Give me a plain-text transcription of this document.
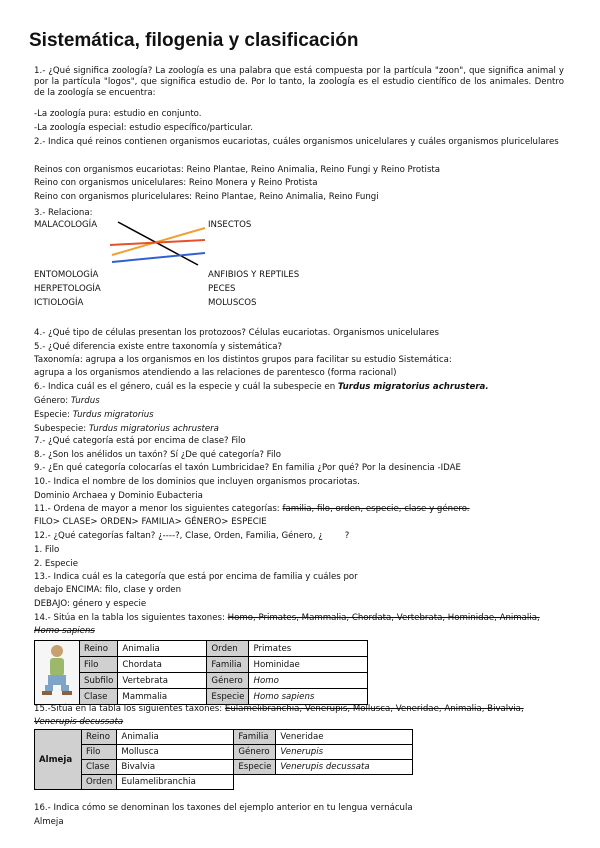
Sistemática, filogenia y clasificación
1.- ¿Qué significa zoología? La zoología es una palabra que está compuesta por la partícula "zoon", que significa animal y por la partícula "logos", que significa estudio de. Por lo tanto, la zoología es el estudio científico de los animales. Dentro de la zoología se encuentra:
-La zoología pura: estudio en conjunto.
-La zoología especial: estudio específico/particular.
2.- Indica qué reinos contienen organismos eucariotas, cuáles organismos unicelulares y cuáles organismos pluricelulares
Reinos con organismos eucariotas: Reino Plantae, Reino Animalia, Reino Fungi y Reino Protista
Reino con organismos unicelulares: Reino Monera y Reino Protista
Reino con organismos pluricelulares: Reino Plantae, Reino Animalia, Reino Fungi
3.- Relaciona:
MALACOLOGÍA	INSECTOS
ENTOMOLOGÍA	ANFIBIOS Y REPTILES
HERPETOLOGÍA	PECES
ICTIOLOGÍA	MOLUSCOS
4.- ¿Qué tipo de células presentan los protozoos? Células eucariotas. Organismos unicelulares
5.- ¿Qué diferencia existe entre taxonomía y sistemática?
Taxonomía: agrupa a los organismos en los distintos grupos para facilitar su estudio Sistemática:
agrupa a los organismos atendiendo a las relaciones de parentesco (forma racional)
6.- Indica cuál es el género, cuál es la especie y cuál la subespecie en Turdus migratorius achrustera.
Género: Turdus
Especie: Turdus migratorius
Subespecie: Turdus migratorius achrustera
7.- ¿Qué categoría está por encima de clase? Filo
8.- ¿Son los anélidos un taxón? Sí ¿De qué categoría? Filo
9.- ¿En qué categoría colocarías el taxón Lumbricidae? En familia ¿Por qué? Por la desinencia -IDAE
10.- Indica el nombre de los dominios que incluyen organismos procariotas.
Dominio Archaea y Dominio Eubacteria
11.- Ordena de mayor a menor los siguientes categorías: familia, filo, orden, especie, clase y género.
FILO> CLASE> ORDEN> FAMILIA> GÉNERO> ESPECIE
12.- ¿Qué categorías faltan? ¿----?, Clase, Orden, Familia, Género, ¿	?
1. Filo
2. Especie
13.- Indica cuál es la categoría que está por encima de familia y cuáles por
debajo ENCIMA: filo, clase y orden
DEBAJO: género y especie
14.- Sitúa en la tabla los siguientes taxones: Homo, Primates, Mammalia, Chordata, Vertebrata, Hominidae, Animalia,
Homo sapiens
	Reino	Animalia	Orden	Primates
	Filo	Chordata	Familia	Hominidae
	Subfilo	Vertebrata	Género	Homo
	Clase	Mammalia	Especie	Homo sapiens
15.-Sitúa en la tabla los siguientes taxones: Eulamelibranchia, Venerupis, Mollusca, Veneridae, Animalia, Bivalvia,
Venerupis decussata
Almeja	Reino	Animalia	Familia	Veneridae
	Filo	Mollusca	Género	Venerupis
	Clase	Bivalvia	Especie	Venerupis decussata
	Orden	Eulamelibranchia		
16.- Indica cómo se denominan los taxones del ejemplo anterior en tu lengua vernácula
Almeja
